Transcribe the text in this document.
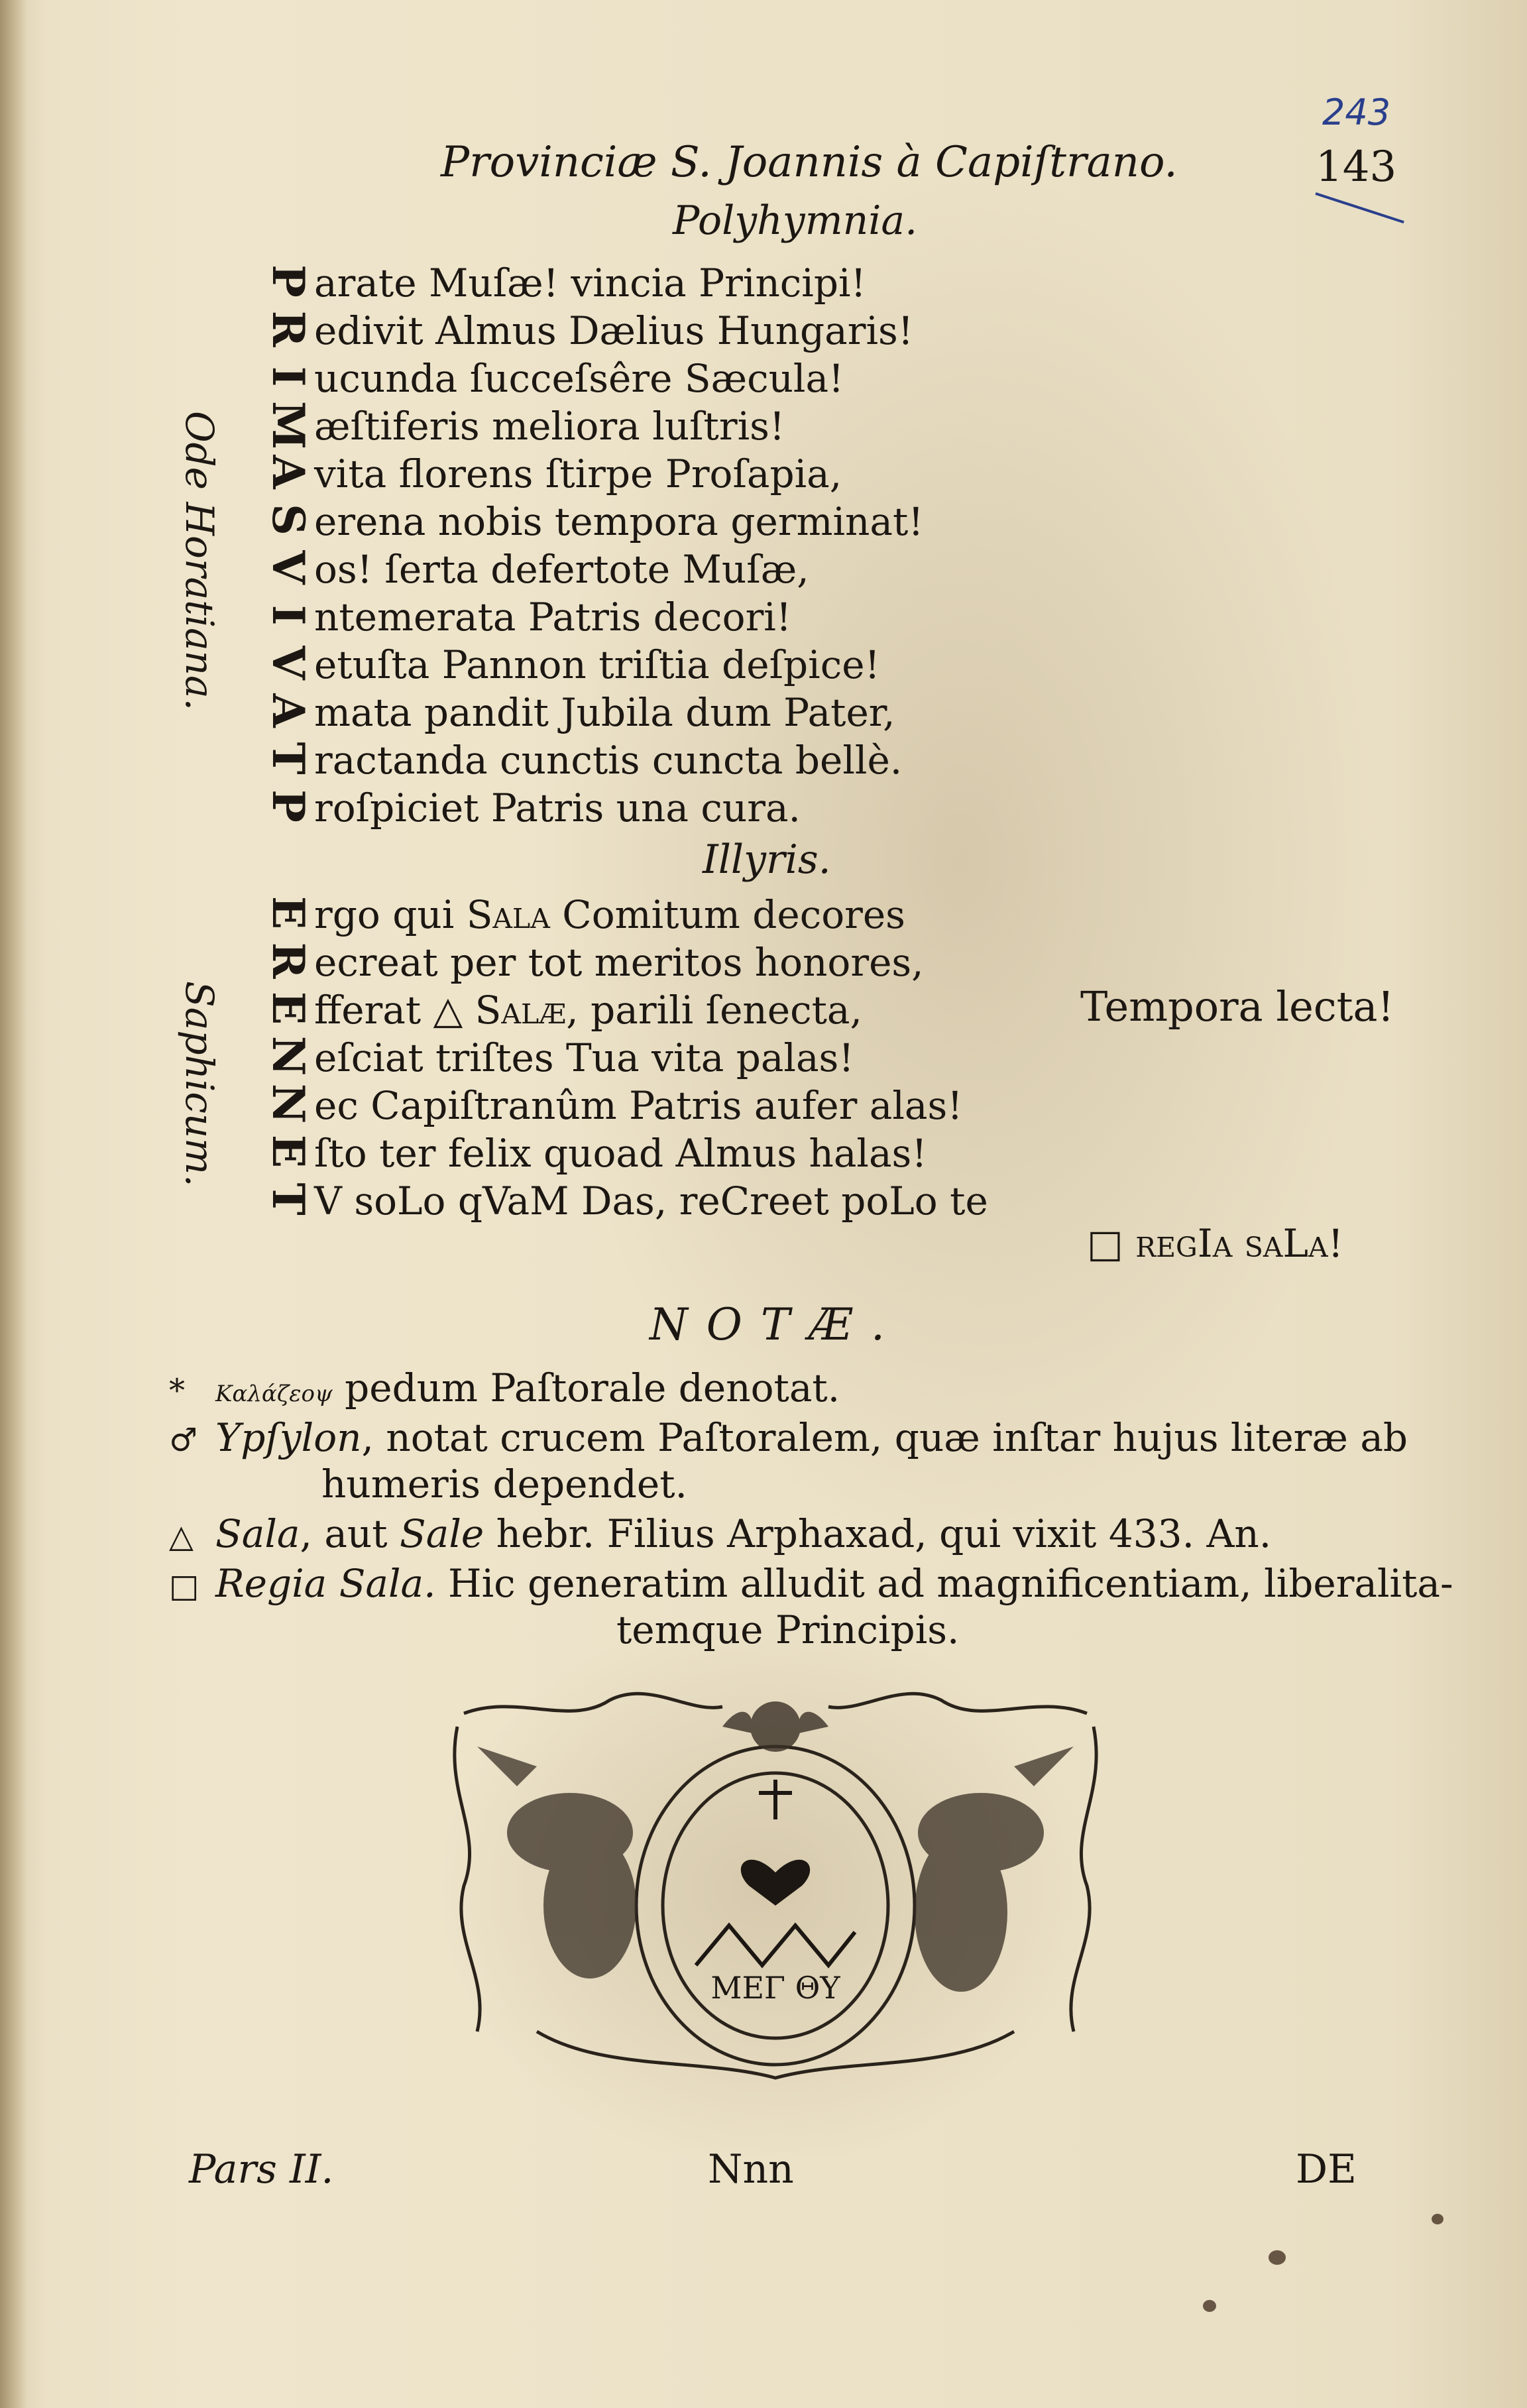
243
143
Provinciæ S. Joannis à Capiſtrano.
Polyhymnia.
Ode Horatiana.
Parate Muſæ! vincia Principi!
Redivit Almus Dælius Hungaris!
Iucunda ſucceſsêre Sæcula!
Mæſtiferis meliora luſtris!
Avita florens ſtirpe Proſapia,
Serena nobis tempora germinat!
Vos! ſerta defertote Muſæ,
Intemerata Patris decori!
Vetuſta Pannon triſtia deſpice!
Amata pandit Jubila dum Pater,
Tractanda cunctis cuncta bellè.
Proſpiciet Patris una cura.
Illyris.
Saphicum.
Ergo qui Sala Comitum decores
Recreat per tot meritos honores,
Efferat △ Salæ, parili ſenecta,
Neſciat triſtes Tua vita palas!
Nec Capiſtranûm Patris aufer alas!
Eſto ter felix quoad Almus halas!
TV soLo qVaM Das, reCreet poLo te
Tempora lecta!
□ regIa saLa!
NOTÆ.
* Καλάζεοψ pedum Paſtorale denotat.
♂ Ypſylon, notat crucem Paſtoralem, quæ inſtar hujus literæ ab
humeris dependet.
△ Sala, aut Sale hebr. Filius Arphaxad, qui vixit 433. An.
□ Regia Sala. Hic generatim alludit ad magnificentiam, liberalita-
temque Principis.
ΜΕΓ ΘΥ
Pars II.	Nnn	DE
